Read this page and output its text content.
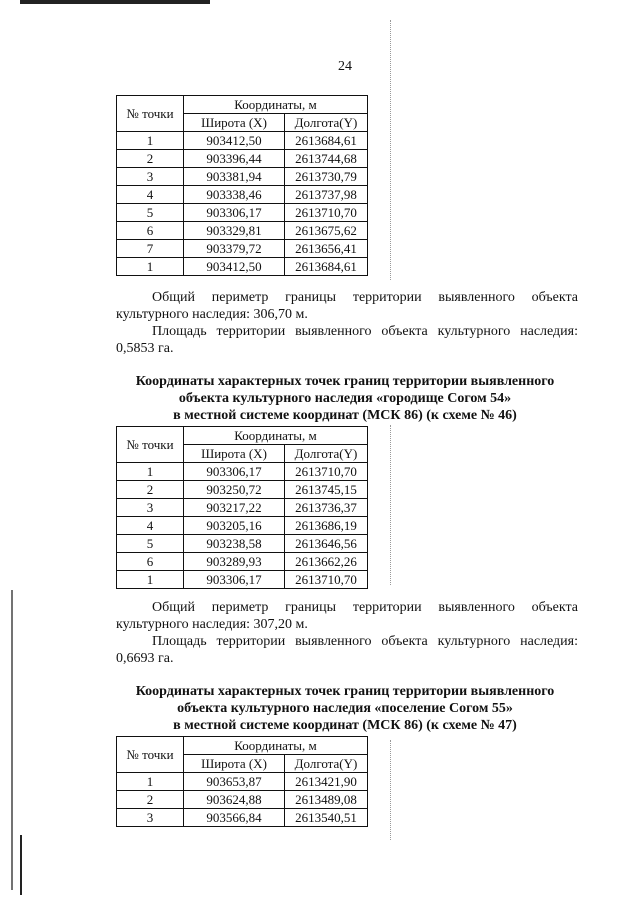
24
№ точки	Координаты, м	
	Широта (X)	Долгота(Y)
1	903412,50	2613684,61
2	903396,44	2613744,68
3	903381,94	2613730,79
4	903338,46	2613737,98
5	903306,17	2613710,70
6	903329,81	2613675,62
7	903379,72	2613656,41
1	903412,50	2613684,61
Общий периметр границы территории выявленного объекта
культурного наследия: 306,70 м.
Площадь территории выявленного объекта культурного наследия:
0,5853 га.
Координаты характерных точек границ территории выявленного
объекта культурного наследия «городище Согом 54»
в местной системе координат (МСК 86) (к схеме № 46)
№ точки	Координаты, м	
	Широта (X)	Долгота(Y)
1	903306,17	2613710,70
2	903250,72	2613745,15
3	903217,22	2613736,37
4	903205,16	2613686,19
5	903238,58	2613646,56
6	903289,93	2613662,26
1	903306,17	2613710,70
Общий периметр границы территории выявленного объекта
культурного наследия: 307,20 м.
Площадь территории выявленного объекта культурного наследия:
0,6693 га.
Координаты характерных точек границ территории выявленного
объекта культурного наследия «поселение Согом 55»
в местной системе координат (МСК 86) (к схеме № 47)
№ точки	Координаты, м	
	Широта (X)	Долгота(Y)
1	903653,87	2613421,90
2	903624,88	2613489,08
3	903566,84	2613540,51
